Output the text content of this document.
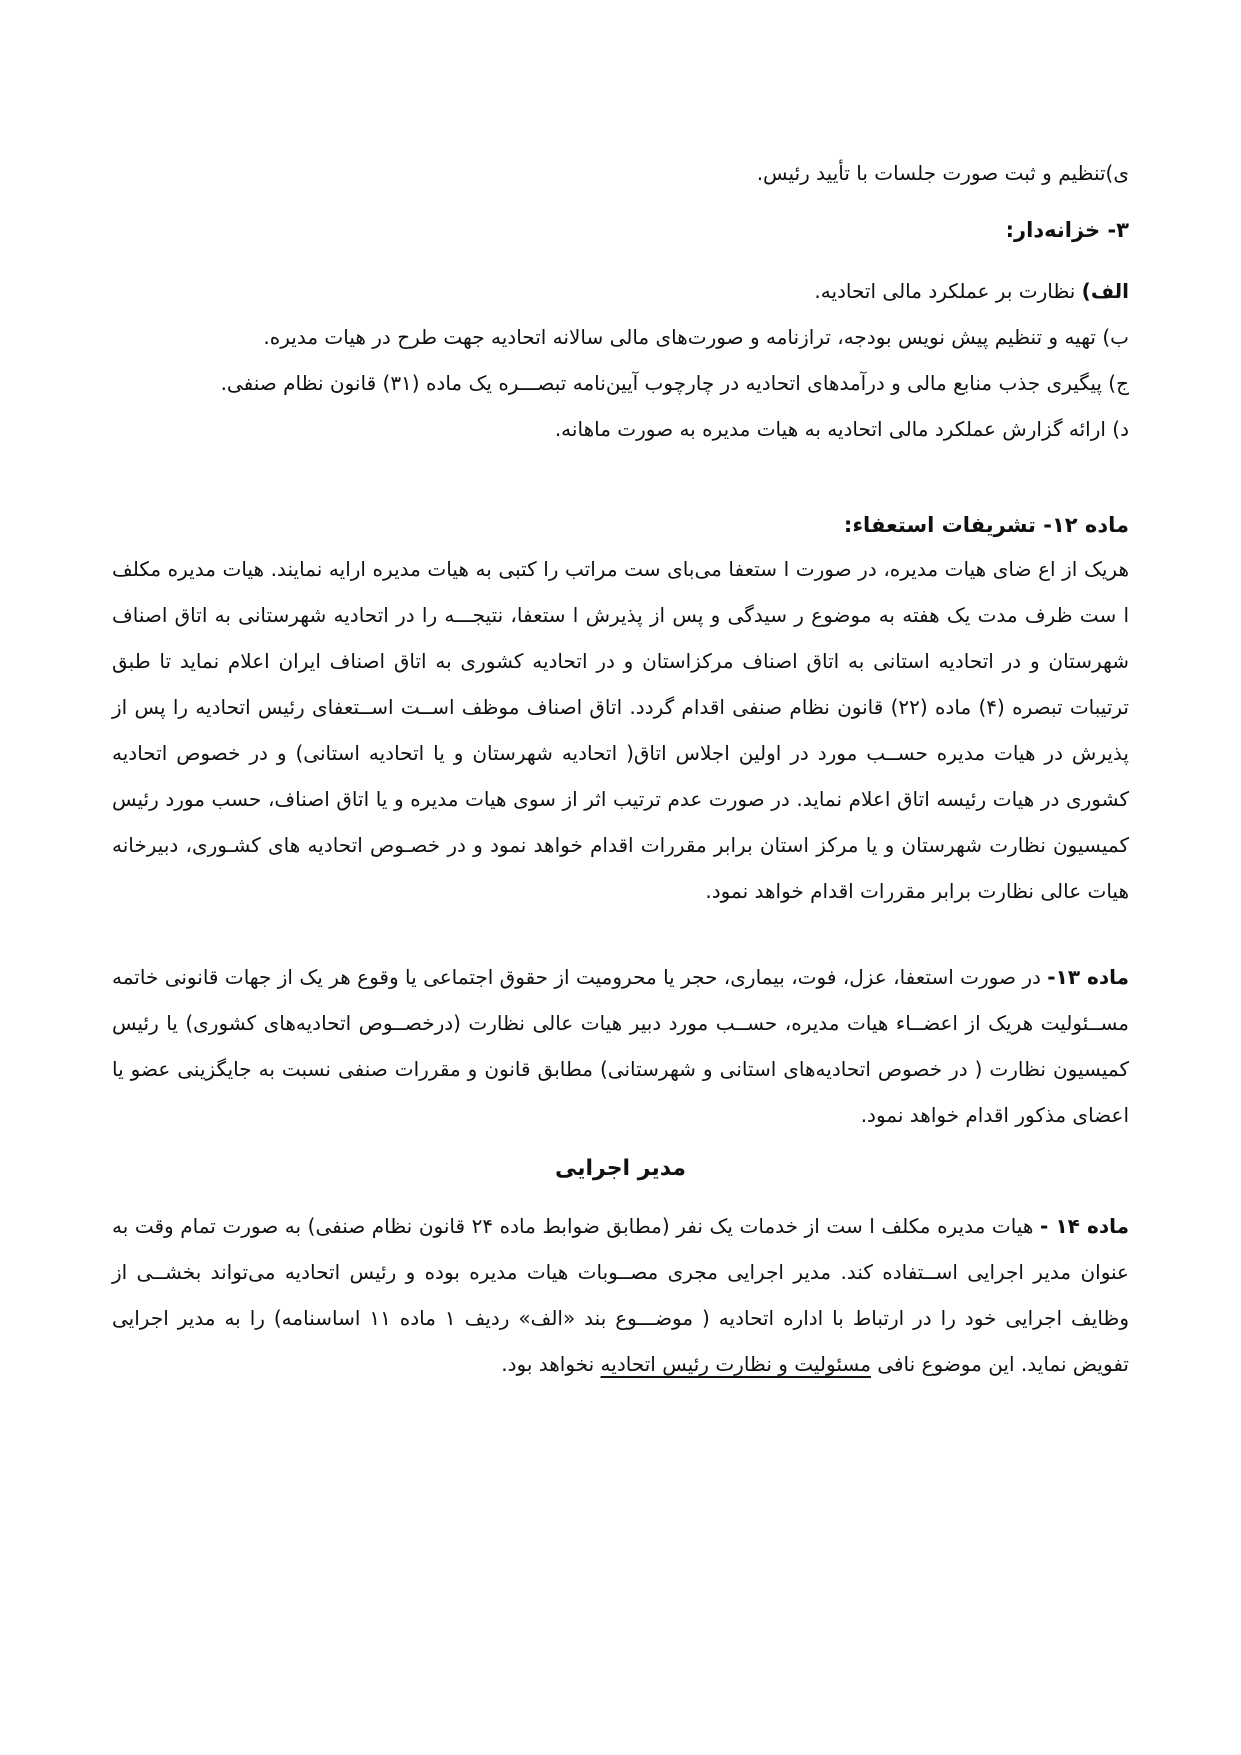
ی)تنظیم و ثبت صورت جلسات با تأیید رئیس.

۳- خزانه‌دار:

الف) نظارت بر عملکرد مالی اتحادیه.
ب) تهیه و تنظیم پیش نویس بودجه، ترازنامه و صورت‌های مالی سالانه اتحادیه جهت طرح در هیات مدیره.
ج) پیگیری جذب منابع مالی و درآمدهای اتحادیه در چارچوب آیین‌نامه تبصـــره یک ماده (۳۱) قانون نظام صنفی.
د) ارائه گزارش عملکرد مالی اتحادیه به هیات مدیره به صورت ماهانه.

ماده ۱۲- تشریفات استعفاء:

هریک از اع ضای هیات مدیره، در صورت ا ستعفا می‌بای ست مراتب را کتبی به هیات مدیره ارایه نمایند. هیات مدیره مکلف ا ست ظرف مدت یک هفته به موضوع ر سیدگی و پس از پذیرش ا ستعفا، نتیجـــه را در اتحادیه شهرستانی به اتاق اصناف شهرستان و در اتحادیه استانی به اتاق اصناف مرکزاستان و در اتحادیه کشوری به اتاق اصناف ایران اعلام نماید تا طبق ترتیبات تبصره (۴) ماده (۲۲) قانون نظام صنفی اقدام گردد. اتاق اصناف موظف اســت اســتعفای رئیس اتحادیه را پس از پذیرش در هیات مدیره حســب مورد در اولین اجلاس اتاق( اتحادیه شهرستان و یا اتحادیه استانی) و در خصوص اتحادیه کشوری در هیات رئیسه اتاق اعلام نماید. در صورت عدم ترتیب اثر از سوی هیات مدیره و یا اتاق اصناف، حسب مورد رئیس کمیسیون نظارت شهرستان و یا مرکز استان برابر مقررات اقدام خواهد نمود و در خصـوص اتحادیه های کشـوری، دبیرخانه هیات عالی نظارت برابر مقررات اقدام خواهد نمود.

ماده ۱۳- در صورت استعفا، عزل، فوت، بیماری، حجر یا محرومیت از حقوق اجتماعی یا وقوع هر یک از جهات قانونی خاتمه مســئولیت هریک از اعضــاء هیات مدیره، حســب مورد دبیر هیات عالی نظارت (درخصــوص اتحادیه‌های کشوری) یا رئیس کمیسیون نظارت ( در خصوص اتحادیه‌های استانی و شهرستانی) مطابق قانون و مقررات صنفی نسبت به جایگزینی عضو یا اعضای مذکور اقدام خواهد نمود.

مدیر اجرایی

ماده ۱۴ - هیات مدیره مکلف ا ست از خدمات یک نفر (مطابق ضوابط ماده ۲۴ قانون نظام صنفی) به صورت تمام وقت به عنوان مدیر اجرایی اســتفاده کند. مدیر اجرایی مجری مصــوبات هیات مدیره بوده و رئیس اتحادیه می‌تواند بخشــی از وظایف اجرایی خود را در ارتباط با اداره اتحادیه ( موضـــوع بند «الف» ردیف ۱ ماده ۱۱ اساسنامه) را به مدیر اجرایی تفویض نماید. این موضوع نافی مسئولیت و نظارت رئیس اتحادیه نخواهد بود.
